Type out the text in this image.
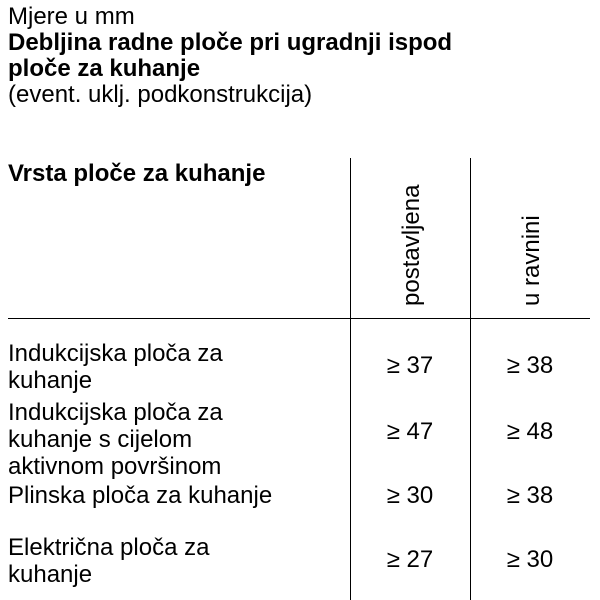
Mjere u mm
Debljina radne ploče pri ugradnji ispod
ploče za kuhanje
(event. uklj. podkonstrukcija)
Vrsta ploče za kuhanje
postavljena	u ravnini
Indukcijska ploča za
kuhanje
≥ 37	≥ 38
Indukcijska ploča za
kuhanje s cijelom
aktivnom površinom
≥ 47	≥ 48
Plinska ploča za kuhanje	≥ 30	≥ 38
Električna ploča za
kuhanje
≥ 27	≥ 30
